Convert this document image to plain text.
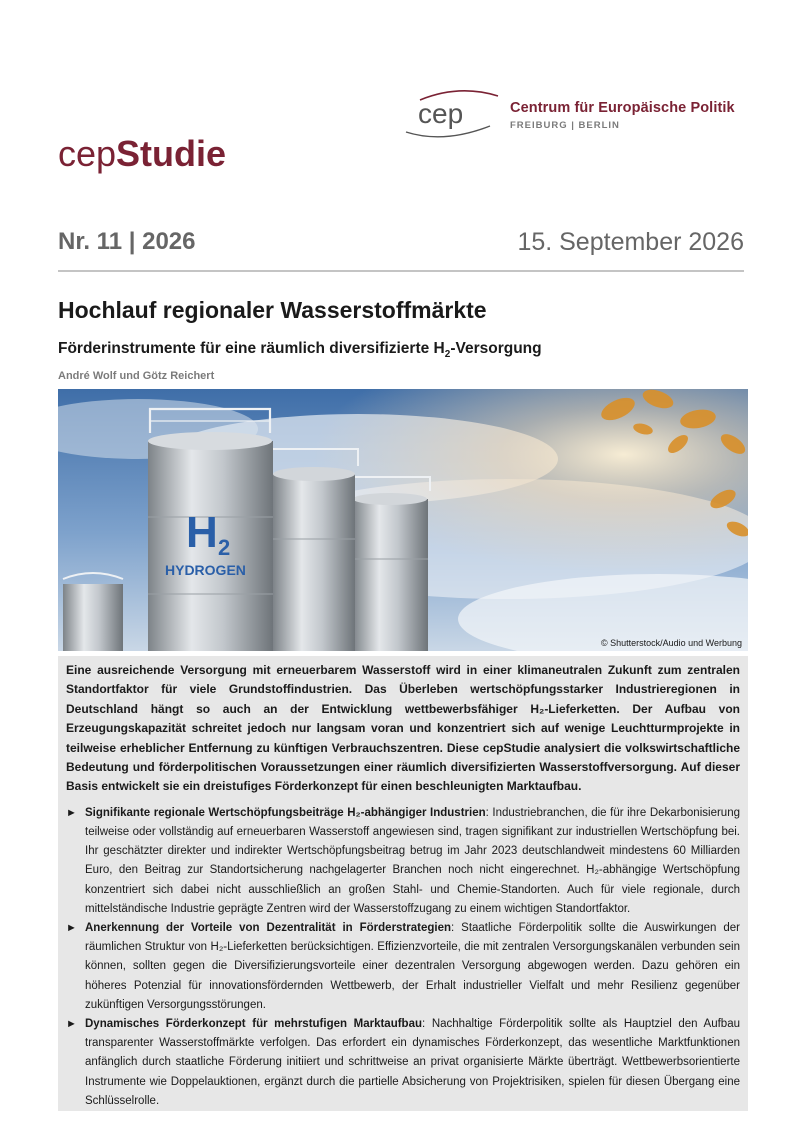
cep	Centrum für Europäische Politik
FREIBURG | BERLIN
cepStudie
Nr. 11 | 2026	15. September 2026
Hochlauf regionaler Wasserstoffmärkte
Förderinstrumente für eine räumlich diversifizierte $H_2$-Versorgung
André Wolf und Götz Reichert
H 2
HYDROGEN
© Shutterstock/Audio und Werbung

Eine ausreichende Versorgung mit erneuerbarem Wasserstoff wird in einer klimaneutralen Zukunft zum zentralen Standortfaktor für viele Grundstoffindustrien. Das Überleben wertschöpfungsstarker Industrieregionen in Deutschland hängt so auch an der Entwicklung wettbewerbsfähiger H₂-Lieferketten. Der Aufbau von Erzeugungskapazität schreitet jedoch nur langsam voran und konzentriert sich auf wenige Leuchtturmprojekte in teilweise erheblicher Entfernung zu künftigen Verbrauchszentren. Diese cepStudie analysiert die volkswirtschaftliche Bedeutung und förderpolitischen Voraussetzungen einer räumlich diversifizierten Wasserstoffversorgung. Auf dieser Basis entwickelt sie ein dreistufiges Förderkonzept für einen beschleunigten Marktaufbau.

► Signifikante regionale Wertschöpfungsbeiträge H₂-abhängiger Industrien: Industriebranchen, die für ihre Dekarbonisierung teilweise oder vollständig auf erneuerbaren Wasserstoff angewiesen sind, tragen signifikant zur industriellen Wertschöpfung bei. Ihr geschätzter direkter und indirekter Wertschöpfungsbeitrag betrug im Jahr 2023 deutschlandweit mindestens 60 Milliarden Euro, den Beitrag zur Standortsicherung nachgelagerter Branchen noch nicht eingerechnet. H₂-abhängige Wertschöpfung konzentriert sich dabei nicht ausschließlich an großen Stahl- und Chemie-Standorten. Auch für viele regionale, durch mittelständische Industrie geprägte Zentren wird der Wasserstoffzugang zu einem wichtigen Standortfaktor.
► Anerkennung der Vorteile von Dezentralität in Förderstrategien: Staatliche Förderpolitik sollte die Auswirkungen der räumlichen Struktur von H₂-Lieferketten berücksichtigen. Effizienzvorteile, die mit zentralen Versorgungskanälen verbunden sein können, sollten gegen die Diversifizierungsvorteile einer dezentralen Versorgung abgewogen werden. Dazu gehören ein höheres Potenzial für innovationsfördernden Wettbewerb, der Erhalt industrieller Vielfalt und mehr Resilienz gegenüber zukünftigen Versorgungsstörungen.
► Dynamisches Förderkonzept für mehrstufigen Marktaufbau: Nachhaltige Förderpolitik sollte als Hauptziel den Aufbau transparenter Wasserstoffmärkte verfolgen. Das erfordert ein dynamisches Förderkonzept, das wesentliche Marktfunktionen anfänglich durch staatliche Förderung initiiert und schrittweise an privat organisierte Märkte überträgt. Wettbewerbsorientierte Instrumente wie Doppelauktionen, ergänzt durch die partielle Absicherung von Projektrisiken, spielen für diesen Übergang eine Schlüsselrolle.
